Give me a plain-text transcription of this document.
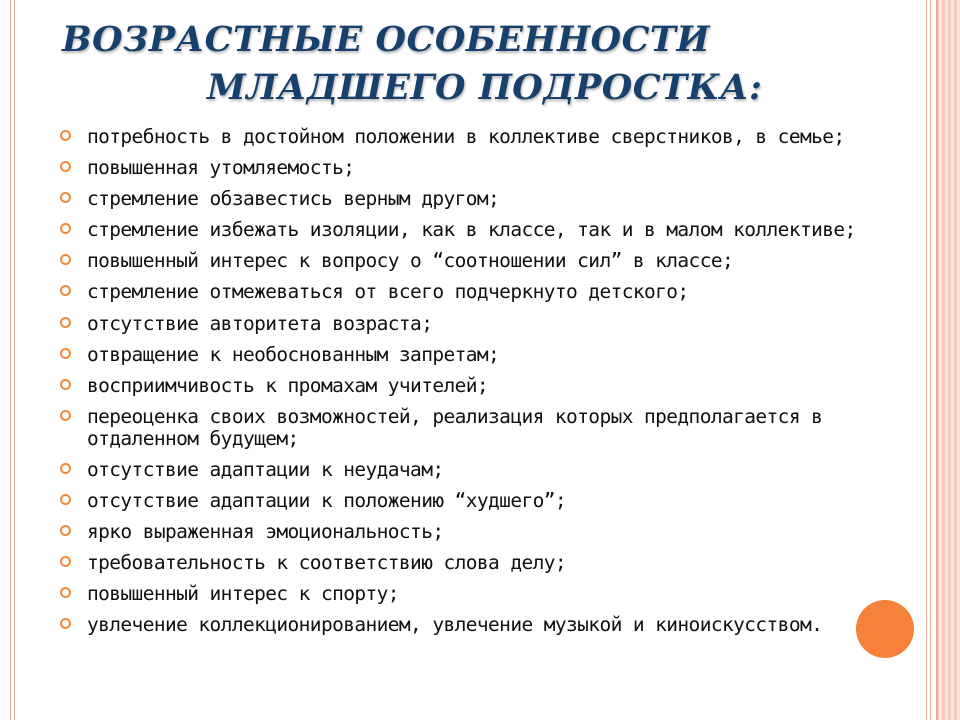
ВОЗРАСТНЫЕ ОСОБЕННОСТИ
МЛАДШЕГО ПОДРОСТКА:
потребность в достойном положении в коллективе сверстников, в семье;
повышенная утомляемость;
стремление обзавестись верным другом;
стремление избежать изоляции, как в классе, так и в малом коллективе;
повышенный интерес к вопросу о “соотношении сил” в классе;
стремление отмежеваться от всего подчеркнуто детского;
отсутствие авторитета возраста;
отвращение к необоснованным запретам;
восприимчивость к промахам учителей;
переоценка своих возможностей, реализация которых предполагается в отдаленном будущем;
отсутствие адаптации к неудачам;
отсутствие адаптации к положению “худшего”;
ярко выраженная эмоциональность;
требовательность к соответствию слова делу;
повышенный интерес к спорту;
увлечение коллекционированием, увлечение музыкой и киноискусством.
